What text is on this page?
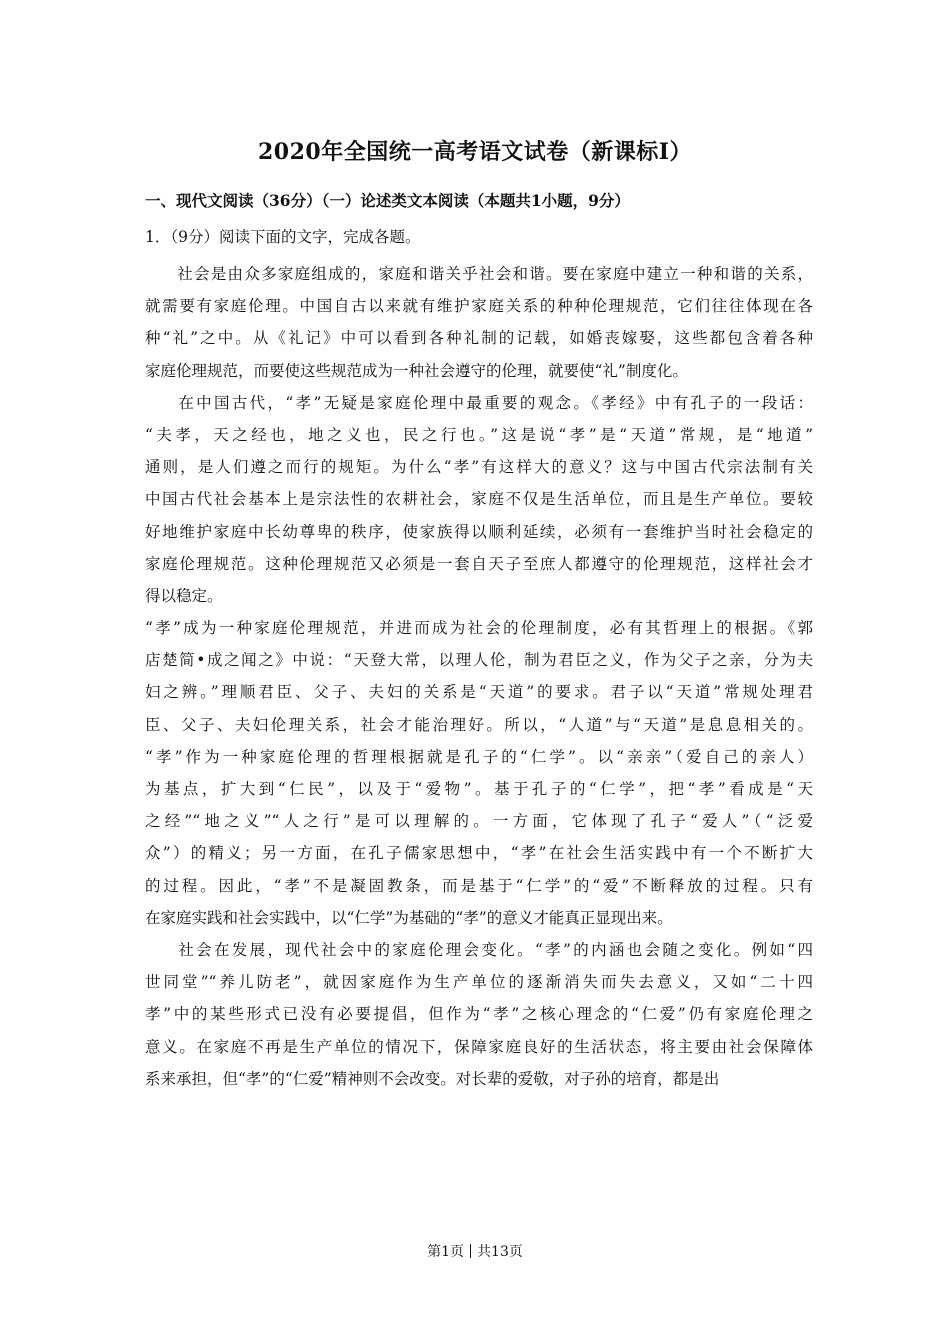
2020年全国统一高考语文试卷（新课标Ⅰ）
一、现代文阅读（36分）（一）论述类文本阅读（本题共1小题，9分）
1．（9分）阅读下面的文字，完成各题。
社会是由众多家庭组成的，家庭和谐关乎社会和谐。要在家庭中建立一种和谐的关系，
就需要有家庭伦理。中国自古以来就有维护家庭关系的种种伦理规范，它们往往体现在各
种“礼”之中。从《礼记》中可以看到各种礼制的记载，如婚丧嫁娶，这些都包含着各种
家庭伦理规范，而要使这些规范成为一种社会遵守的伦理，就要使“礼”制度化。
在中国古代，“孝”无疑是家庭伦理中最重要的观念。《孝经》中有孔子的一段话：
“夫孝，天之经也，地之义也，民之行也。”这是说“孝”是“天道”常规，是“地道”
通则，是人们遵之而行的规矩。为什么“孝”有这样大的意义？这与中国古代宗法制有关
中国古代社会基本上是宗法性的农耕社会，家庭不仅是生活单位，而且是生产单位。要较
好地维护家庭中长幼尊卑的秩序，使家族得以顺利延续，必须有一套维护当时社会稳定的
家庭伦理规范。这种伦理规范又必须是一套自天子至庶人都遵守的伦理规范，这样社会才
得以稳定。
“孝”成为一种家庭伦理规范，并进而成为社会的伦理制度，必有其哲理上的根据。《郭
店楚简•成之闻之》中说：“天登大常，以理人伦，制为君臣之义，作为父子之亲，分为夫
妇之辨。”理顺君臣、父子、夫妇的关系是“天道”的要求。君子以“天道”常规处理君
臣、父子、夫妇伦理关系，社会才能治理好。所以，“人道”与“天道”是息息相关的。
“孝”作为一种家庭伦理的哲理根据就是孔子的“仁学”。以“亲亲”（爱自己的亲人）
为基点，扩大到“仁民”，以及于“爱物”。基于孔子的“仁学”，把“孝”看成是“天
之经”“地之义”“人之行”是可以理解的。一方面，它体现了孔子“爱人”（“泛爱
众”）的精义；另一方面，在孔子儒家思想中，“孝”在社会生活实践中有一个不断扩大
的过程。因此，“孝”不是凝固教条，而是基于“仁学”的“爱”不断释放的过程。只有
在家庭实践和社会实践中，以“仁学”为基础的“孝”的意义才能真正显现出来。
社会在发展，现代社会中的家庭伦理会变化。“孝”的内涵也会随之变化。例如“四
世同堂”“养儿防老”，就因家庭作为生产单位的逐渐消失而失去意义，又如“二十四
孝”中的某些形式已没有必要提倡，但作为“孝”之核心理念的“仁爱”仍有家庭伦理之
意义。在家庭不再是生产单位的情况下，保障家庭良好的生活状态，将主要由社会保障体
系来承担，但“孝”的“仁爱”精神则不会改变。对长辈的爱敬，对子孙的培育，都是出
第1页 共13页
